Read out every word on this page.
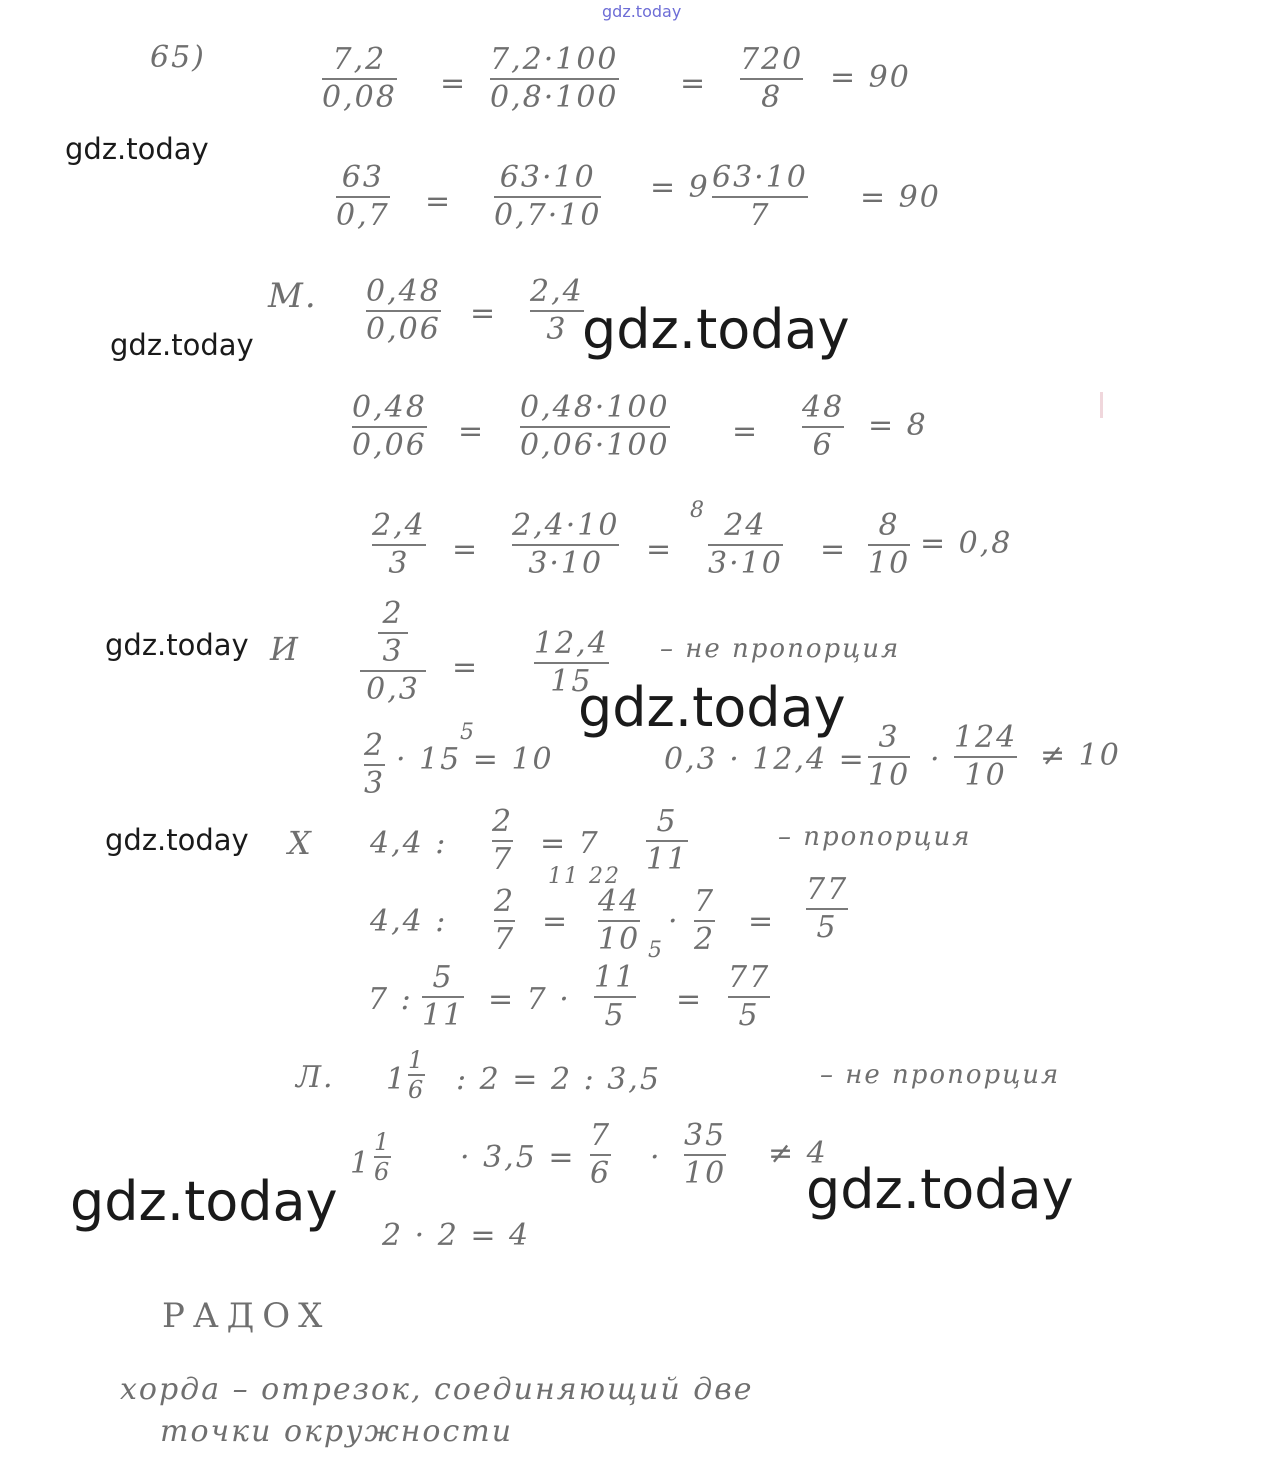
gdz.today
65)	7,2
0,08 =
7,2·100
0,8·100 =
720
8
= 90
gdz.today
63
0,7 =
63·10
0,7·10
= 9 63·10
7
= 90
M. 0,48
0,06 =
2,4
3 gdz.today
gdz.today
0,48
0,06 =
0,48·100
0,06·100 =
48
6
= 8
2,4
3 =
2,4·10
3·10 =
8 24
3·10 =
8
10
= 0,8
gdz.today И
2
3
0,3
=
12,4
15
– не пропорция
gdz.today
2
3
5
· 15 = 10	0,3 · 12,4 =
3
10 ·
124
10
≠ 10
gdz.today Х 4,4 :
2
7 = 7
5
11
– пропорция
4,4 :
2
7
=
11 22
44
10 5
·
7
2
=
77
5
7 :
5
11 = 7 ·
11
5 =
77
5
Л. 1
1
6 : 2 = 2 : 3,5	– не пропорция
1
1
6 · 3,5 =
7
6 ·
35
10
≠ 4
gdz.today	gdz.today
2 · 2 = 4
РАДОХ
хорда – отрезок, соединяющий две
точки окружности
